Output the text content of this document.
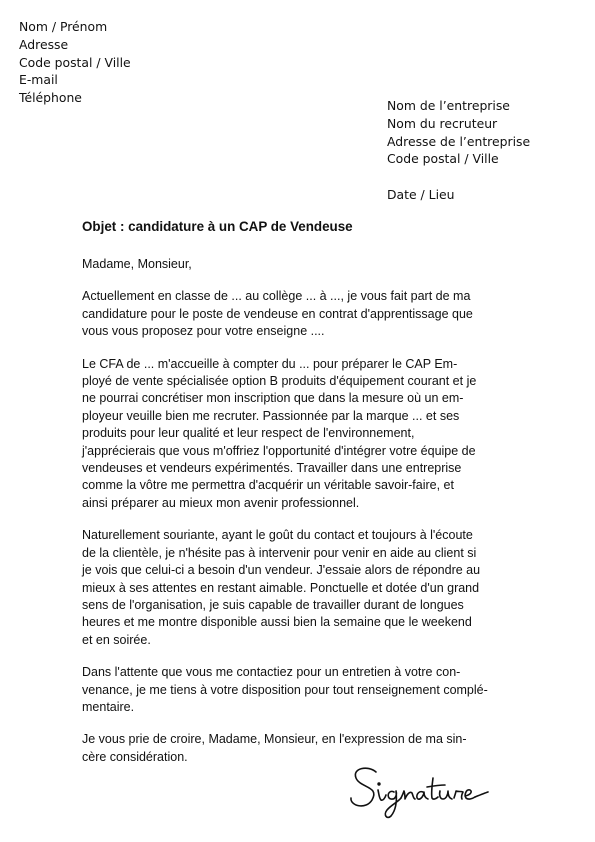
Nom / Prénom
Adresse
Code postal / Ville
E-mail
Téléphone
Nom de l’entreprise
Nom du recruteur
Adresse de l’entreprise
Code postal / Ville
Date / Lieu
Objet : candidature à un CAP de Vendeuse
Madame, Monsieur,
Actuellement en classe de ... au collège ... à ..., je vous fait part de ma
candidature pour le poste de vendeuse en contrat d'apprentissage que
vous vous proposez pour votre enseigne ....
Le CFA de ... m'accueille à compter du ... pour préparer le CAP Em-
ployé de vente spécialisée option B produits d'équipement courant et je
ne pourrai concrétiser mon inscription que dans la mesure où un em-
ployeur veuille bien me recruter. Passionnée par la marque ... et ses
produits pour leur qualité et leur respect de l'environnement,
j'apprécierais que vous m'offriez l'opportunité d'intégrer votre équipe de
vendeuses et vendeurs expérimentés. Travailler dans une entreprise
comme la vôtre me permettra d'acquérir un véritable savoir-faire, et
ainsi préparer au mieux mon avenir professionnel.
Naturellement souriante, ayant le goût du contact et toujours à l'écoute
de la clientèle, je n'hésite pas à intervenir pour venir en aide au client si
je vois que celui-ci a besoin d'un vendeur. J'essaie alors de répondre au
mieux à ses attentes en restant aimable. Ponctuelle et dotée d'un grand
sens de l'organisation, je suis capable de travailler durant de longues
heures et me montre disponible aussi bien la semaine que le weekend
et en soirée.
Dans l'attente que vous me contactiez pour un entretien à votre con-
venance, je me tiens à votre disposition pour tout renseignement complé-
mentaire.
Je vous prie de croire, Madame, Monsieur, en l'expression de ma sin-
cère considération.
